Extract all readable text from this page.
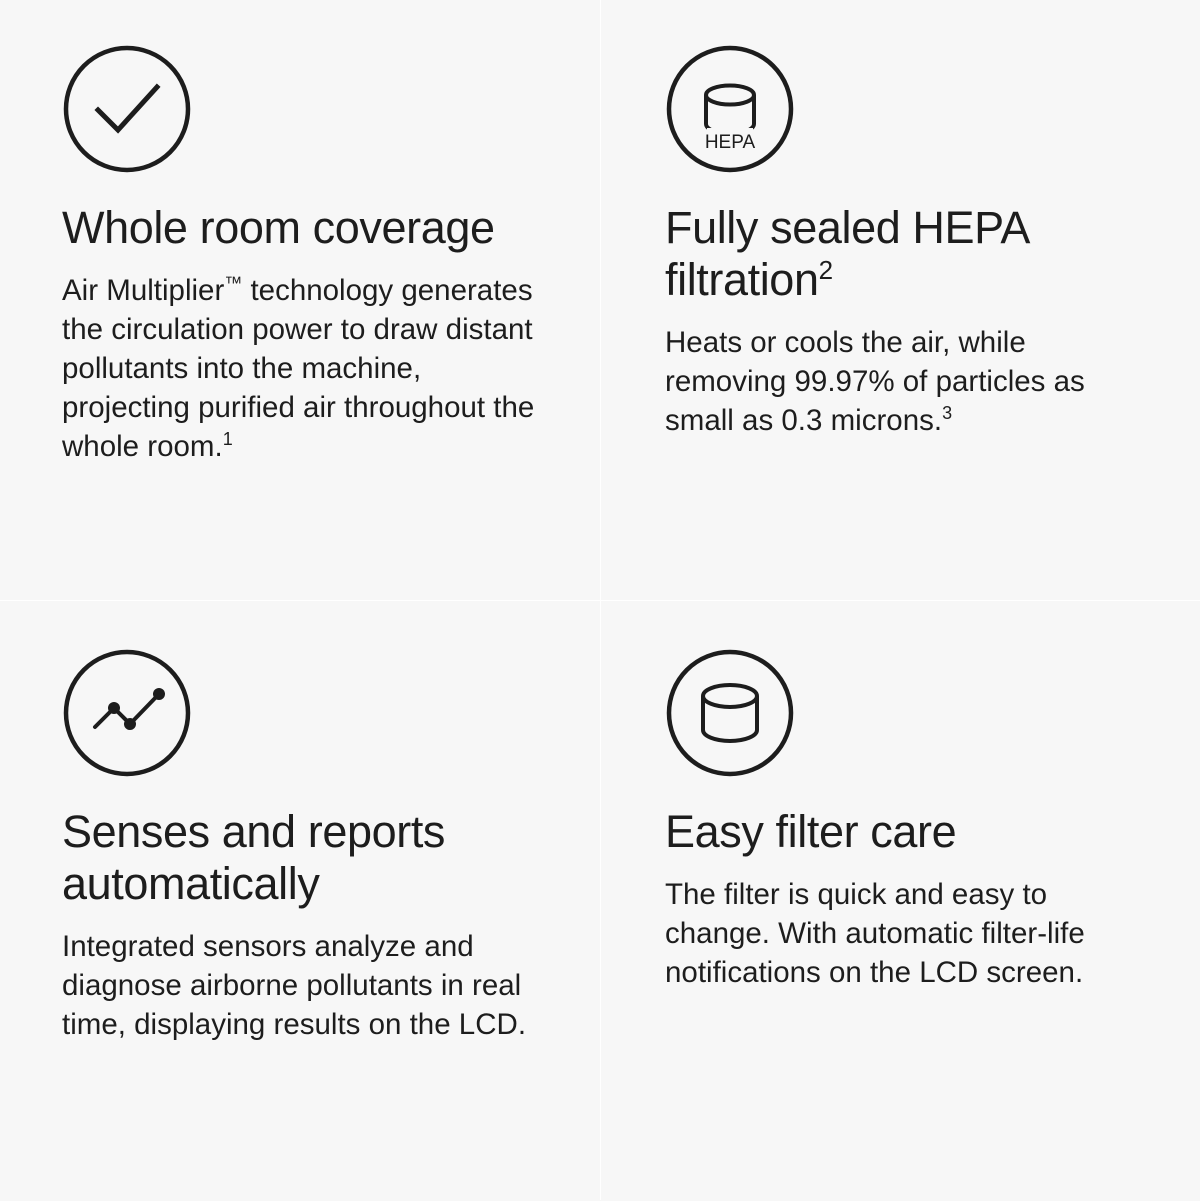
Whole room coverage

Air Multiplier™ technology generates the circulation power to draw distant pollutants into the machine, projecting purified air throughout the whole room.$^1$

HEPA
Fully sealed HEPA filtration$^2$

Heats or cools the air, while removing 99.97% of particles as small as 0.3 microns.$^3$

Senses and reports automatically

Integrated sensors analyze and diagnose airborne pollutants in real time, displaying results on the LCD.

Easy filter care

The filter is quick and easy to change. With automatic filter-life notifications on the LCD screen.
